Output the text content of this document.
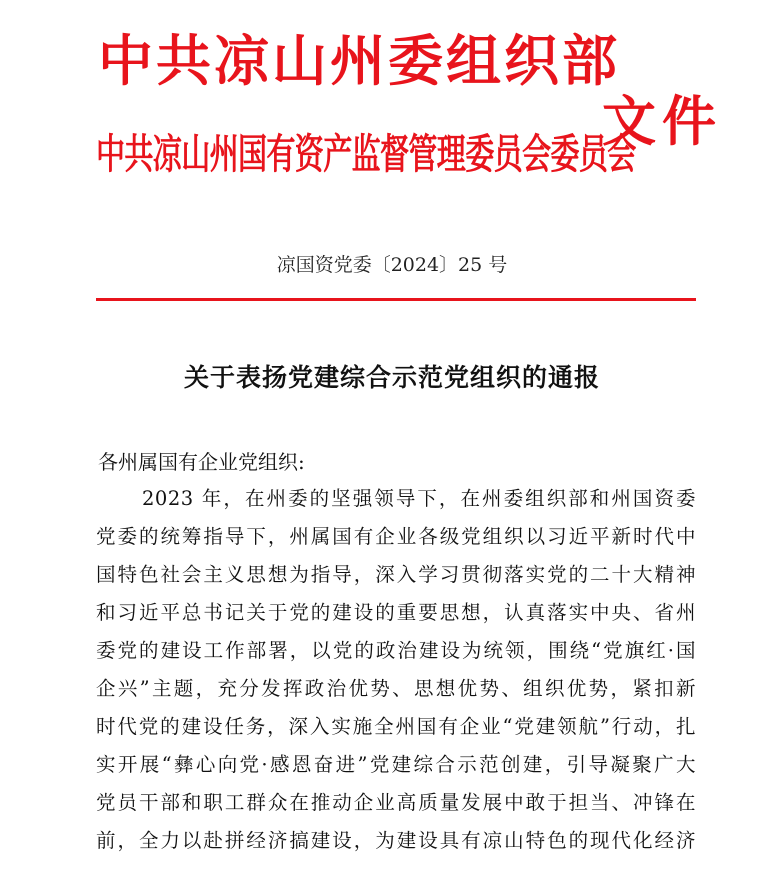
中共凉山州委组织部
中共凉山州国有资产监督管理委员会委员会
文件
凉国资党委〔2024〕25 号
关于表扬党建综合示范党组织的通报
各州属国有企业党组织:
2023 年，在州委的坚强领导下，在州委组织部和州国资委
党委的统筹指导下，州属国有企业各级党组织以习近平新时代中
国特色社会主义思想为指导，深入学习贯彻落实党的二十大精神
和习近平总书记关于党的建设的重要思想，认真落实中央、省州
委党的建设工作部署，以党的政治建设为统领，围绕“党旗红·国
企兴”主题，充分发挥政治优势、思想优势、组织优势，紧扣新
时代党的建设任务，深入实施全州国有企业“党建领航”行动，扎
实开展“彝心向党·感恩奋进”党建综合示范创建，引导凝聚广大
党员干部和职工群众在推动企业高质量发展中敢于担当、冲锋在
前，全力以赴拼经济搞建设，为建设具有凉山特色的现代化经济
